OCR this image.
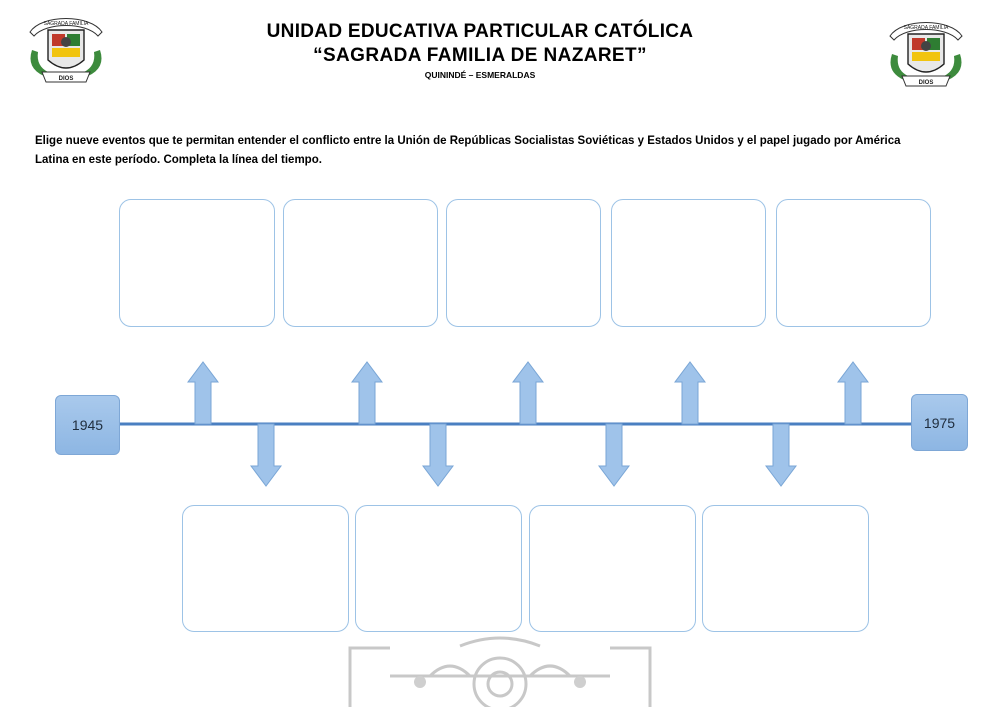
SAGRADA FAMILIA
DIOS
SAGRADA FAMILIA
DIOS
UNIDAD EDUCATIVA PARTICULAR CATÓLICA
“SAGRADA FAMILIA DE NAZARET”
QUININDÉ – ESMERALDAS
Elige nueve eventos que te permitan entender el conflicto entre la Unión de Repúblicas Socialistas Soviéticas y Estados Unidos y el papel jugado por América Latina en este período. Completa la línea del tiempo.
1945	1975
